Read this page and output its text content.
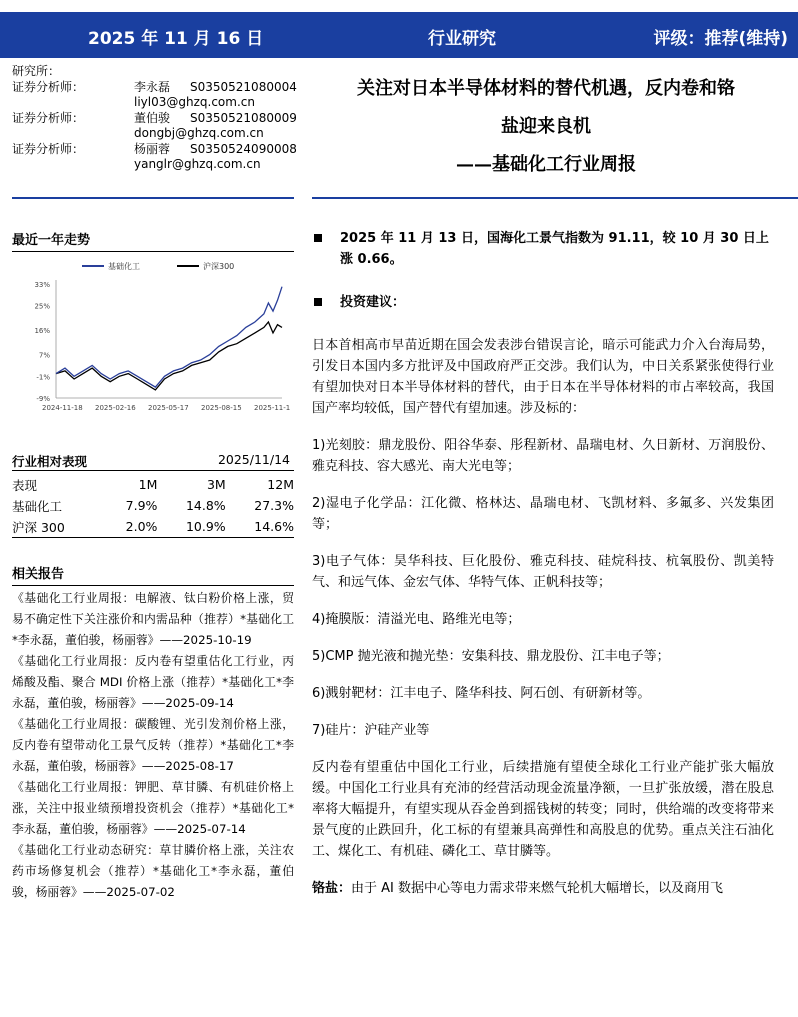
2025 年 11 月 16 日	行业研究	评级：推荐(维持)
研究所：
证券分析师：	李永磊 S0350521080004
liyl03@ghzq.com.cn
证券分析师：	董伯骏 S0350521080009
dongbj@ghzq.com.cn
证券分析师：	杨丽蓉 S0350524090008
yanglr@ghzq.com.cn
关注对日本半导体材料的替代机遇，反内卷和铬
盐迎来良机
——基础化工行业周报
最近一年走势
基础化工	沪深300
33%
25%
16%
7%
-1%
-9%
2024-11-18 2025-02-16 2025-05-17 2025-08-15 2025-11-1
行业相对表现	2025/11/14
表现	1M	3M	12M
基础化工	7.9%	14.8%	27.3%
沪深 300	2.0%	10.9%	14.6%
相关报告
《基础化工行业周报：电解液、钛白粉价格上涨，贸易不确定性下关注涨价和内需品种（推荐）*基础化工*李永磊，董伯骏，杨丽蓉》——2025-10-19
《基础化工行业周报：反内卷有望重估化工行业，丙烯酸及酯、聚合 MDI 价格上涨（推荐）*基础化工*李永磊，董伯骏，杨丽蓉》——2025-09-14
《基础化工行业周报：碳酸锂、光引发剂价格上涨，反内卷有望带动化工景气反转（推荐）*基础化工*李永磊，董伯骏，杨丽蓉》——2025-08-17
《基础化工行业周报：钾肥、草甘膦、有机硅价格上涨，关注中报业绩预增投资机会（推荐）*基础化工*李永磊，董伯骏，杨丽蓉》——2025-07-14
《基础化工行业动态研究：草甘膦价格上涨，关注农药市场修复机会（推荐）*基础化工*李永磊，董伯骏，杨丽蓉》——2025-07-02
2025 年 11 月 13 日，国海化工景气指数为 91.11，较 10 月 30 日上涨 0.66。
投资建议：
日本首相高市早苗近期在国会发表涉台错误言论，暗示可能武力介入台海局势，引发日本国内多方批评及中国政府严正交涉。我们认为，中日关系紧张使得行业有望加快对日本半导体材料的替代，由于日本在半导体材料的市占率较高，我国国产率均较低，国产替代有望加速。涉及标的：
1)光刻胶：鼎龙股份、阳谷华泰、彤程新材、晶瑞电材、久日新材、万润股份、雅克科技、容大感光、南大光电等；
2)湿电子化学品：江化微、格林达、晶瑞电材、飞凯材料、多氟多、兴发集团等；
3)电子气体：昊华科技、巨化股份、雅克科技、硅烷科技、杭氧股份、凯美特气、和远气体、金宏气体、华特气体、正帆科技等；
4)掩膜版：清溢光电、路维光电等；
5)CMP 抛光液和抛光垫：安集科技、鼎龙股份、江丰电子等；
6)溅射靶材：江丰电子、隆华科技、阿石创、有研新材等。
7)硅片：沪硅产业等
反内卷有望重估中国化工行业，后续措施有望使全球化工行业产能扩张大幅放缓。中国化工行业具有充沛的经营活动现金流量净额，一旦扩张放缓，潜在股息率将大幅提升，有望实现从吞金兽到摇钱树的转变；同时，供给端的改变将带来景气度的止跌回升，化工标的有望兼具高弹性和高股息的优势。重点关注石油化工、煤化工、有机硅、磷化工、草甘膦等。
铬盐：由于 AI 数据中心等电力需求带来燃气轮机大幅增长，以及商用飞
